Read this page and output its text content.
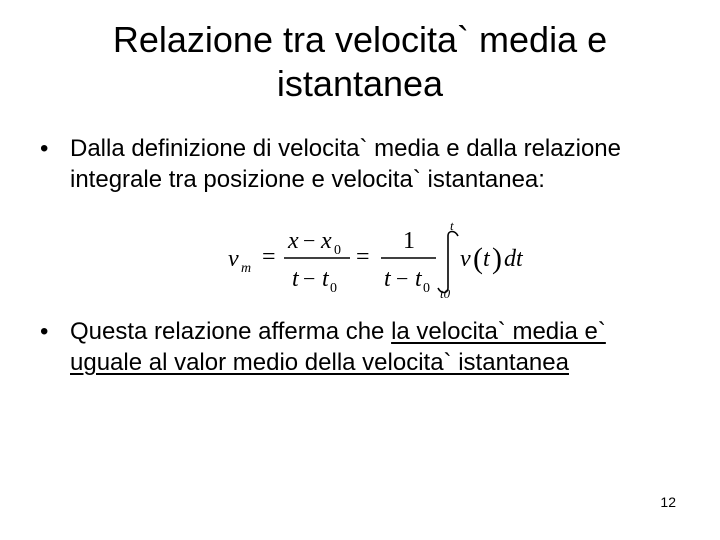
Relazione tra velocita` media e
istantanea
• Dalla definizione di velocita` media e dalla relazione integrale tra posizione e velocita` istantanea:
v m =
x − x 0
t − t 0
=
1
t − t 0
t
t0
v ( t ) dt
• Questa relazione afferma che la velocita` media e` uguale al valor medio della velocita` istantanea
12
